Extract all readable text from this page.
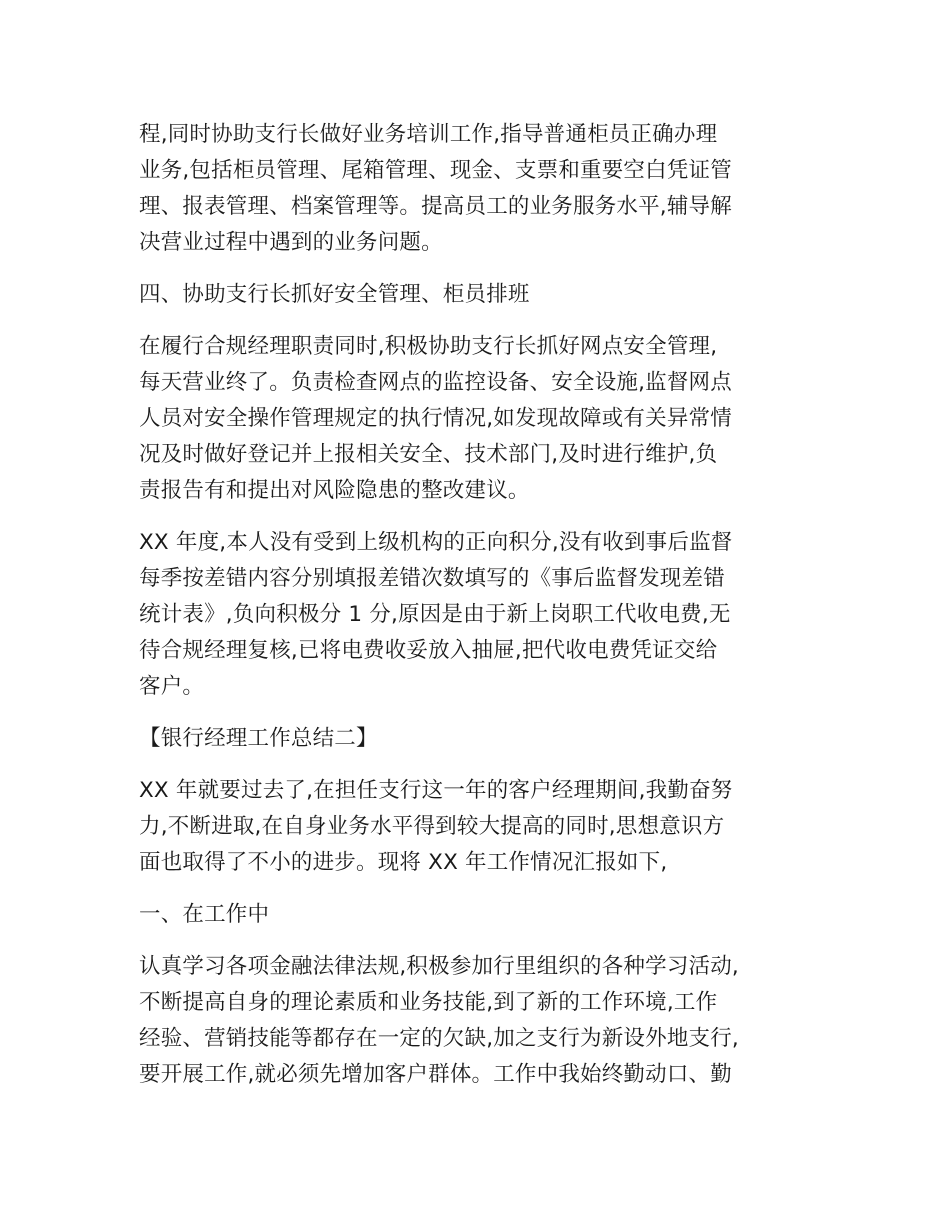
程,同时协助支行长做好业务培训工作,指导普通柜员正确办理
业务,包括柜员管理、尾箱管理、现金、支票和重要空白凭证管
理、报表管理、档案管理等。提高员工的业务服务水平,辅导解
决营业过程中遇到的业务问题。
四、协助支行长抓好安全管理、柜员排班
在履行合规经理职责同时,积极协助支行长抓好网点安全管理,
每天营业终了。负责检查网点的监控设备、安全设施,监督网点
人员对安全操作管理规定的执行情况,如发现故障或有关异常情
况及时做好登记并上报相关安全、技术部门,及时进行维护,负
责报告有和提出对风险隐患的整改建议。
XX 年度,本人没有受到上级机构的正向积分,没有收到事后监督
每季按差错内容分别填报差错次数填写的《事后监督发现差错
统计表》,负向积极分 1 分,原因是由于新上岗职工代收电费,无
待合规经理复核,已将电费收妥放入抽屉,把代收电费凭证交给
客户。
【银行经理工作总结二】
XX 年就要过去了,在担任支行这一年的客户经理期间,我勤奋努
力,不断进取,在自身业务水平得到较大提高的同时,思想意识方
面也取得了不小的进步。现将 XX 年工作情况汇报如下,
一、在工作中
认真学习各项金融法律法规,积极参加行里组织的各种学习活动,
不断提高自身的理论素质和业务技能,到了新的工作环境,工作
经验、营销技能等都存在一定的欠缺,加之支行为新设外地支行,
要开展工作,就必须先增加客户群体。工作中我始终勤动口、勤
